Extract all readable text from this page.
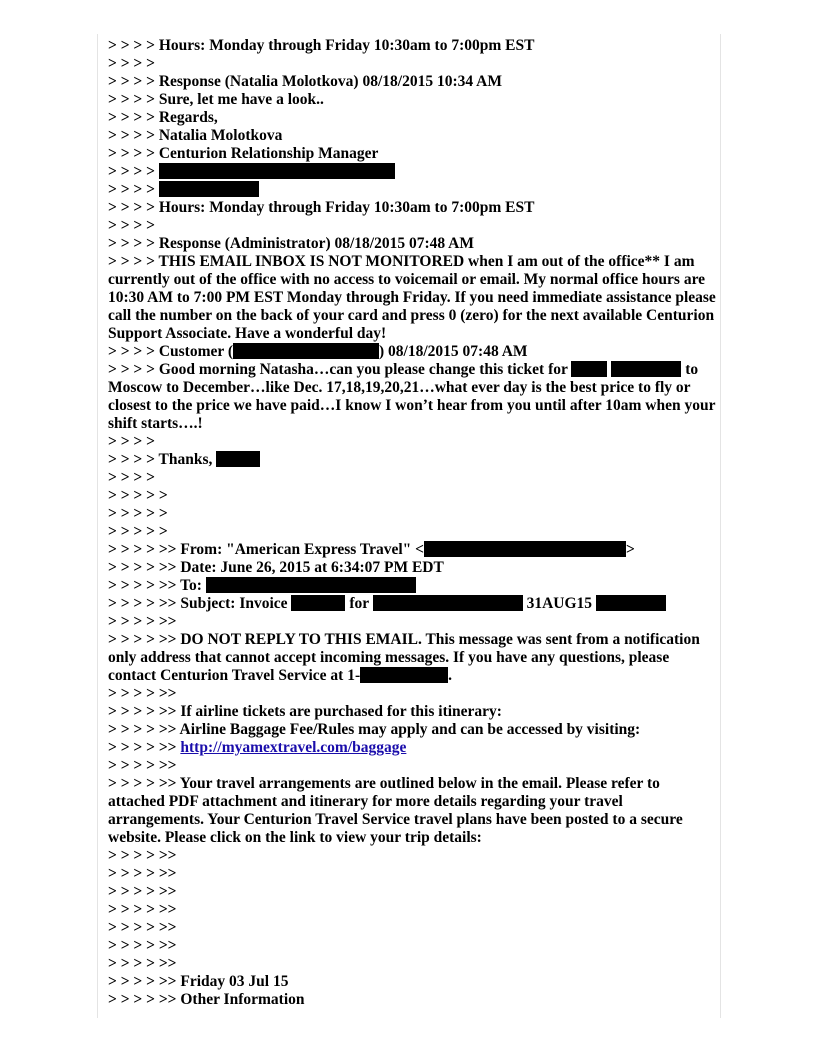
> > > > Hours: Monday through Friday 10:30am to 7:00pm EST
> > > >
> > > > Response (Natalia Molotkova) 08/18/2015 10:34 AM
> > > > Sure, let me have a look..
> > > > Regards,
> > > > Natalia Molotkova
> > > > Centurion Relationship Manager
> > > >
> > > >
> > > > Hours: Monday through Friday 10:30am to 7:00pm EST
> > > >
> > > > Response (Administrator) 08/18/2015 07:48 AM
> > > > THIS EMAIL INBOX IS NOT MONITORED when I am out of the office** I am currently out of the office with no access to voicemail or email. My normal office hours are 10:30 AM to 7:00 PM EST Monday through Friday. If you need immediate assistance please call the number on the back of your card and press 0 (zero) for the next available Centurion Support Associate. Have a wonderful day!
> > > > Customer (	) 08/18/2015 07:48 AM
> > > > Good morning Natasha…can you please change this ticket for	to Moscow to December…like Dec. 17,18,19,20,21…what ever day is the best price to fly or closest to the price we have paid…I know I won’t hear from you until after 10am when your shift starts….!
> > > >
> > > > Thanks,
> > > >
> > > > >
> > > > >
> > > > >
> > > > >> From: "American Express Travel" <	>
> > > > >> Date: June 26, 2015 at 6:34:07 PM EDT
> > > > >> To:
> > > > >> Subject: Invoice	for	31AUG15
> > > > >>
> > > > >> DO NOT REPLY TO THIS EMAIL. This message was sent from a notification only address that cannot accept incoming messages. If you have any questions, please contact Centurion Travel Service at 1-	.
> > > > >>
> > > > >> If airline tickets are purchased for this itinerary:
> > > > >> Airline Baggage Fee/Rules may apply and can be accessed by visiting:
> > > > >> http://myamextravel.com/baggage
> > > > >>
> > > > >> Your travel arrangements are outlined below in the email. Please refer to attached PDF attachment and itinerary for more details regarding your travel arrangements. Your Centurion Travel Service travel plans have been posted to a secure website. Please click on the link to view your trip details:
> > > > >>
> > > > >>
> > > > >>
> > > > >>
> > > > >>
> > > > >>
> > > > >>
> > > > >> Friday 03 Jul 15
> > > > >> Other Information
